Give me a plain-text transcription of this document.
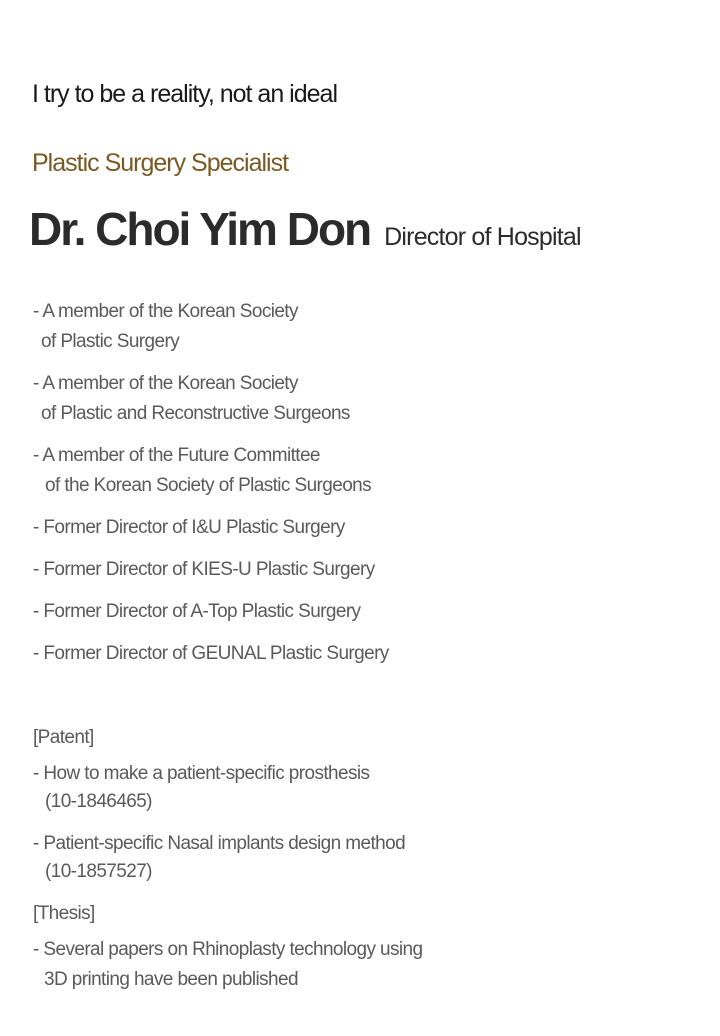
I try to be a reality, not an ideal
Plastic Surgery Specialist
Dr. Choi Yim Don Director of Hospital
- A member of the Korean Society
of Plastic Surgery
- A member of the Korean Society
of Plastic and Reconstructive Surgeons
- A member of the Future Committee
of the Korean Society of Plastic Surgeons
- Former Director of I&U Plastic Surgery
- Former Director of KIES-U Plastic Surgery
- Former Director of A-Top Plastic Surgery
- Former Director of GEUNAL Plastic Surgery
[Patent]
- How to make a patient-specific prosthesis
(10-1846465)
- Patient-specific Nasal implants design method
(10-1857527)
[Thesis]
- Several papers on Rhinoplasty technology using
3D printing have been published
